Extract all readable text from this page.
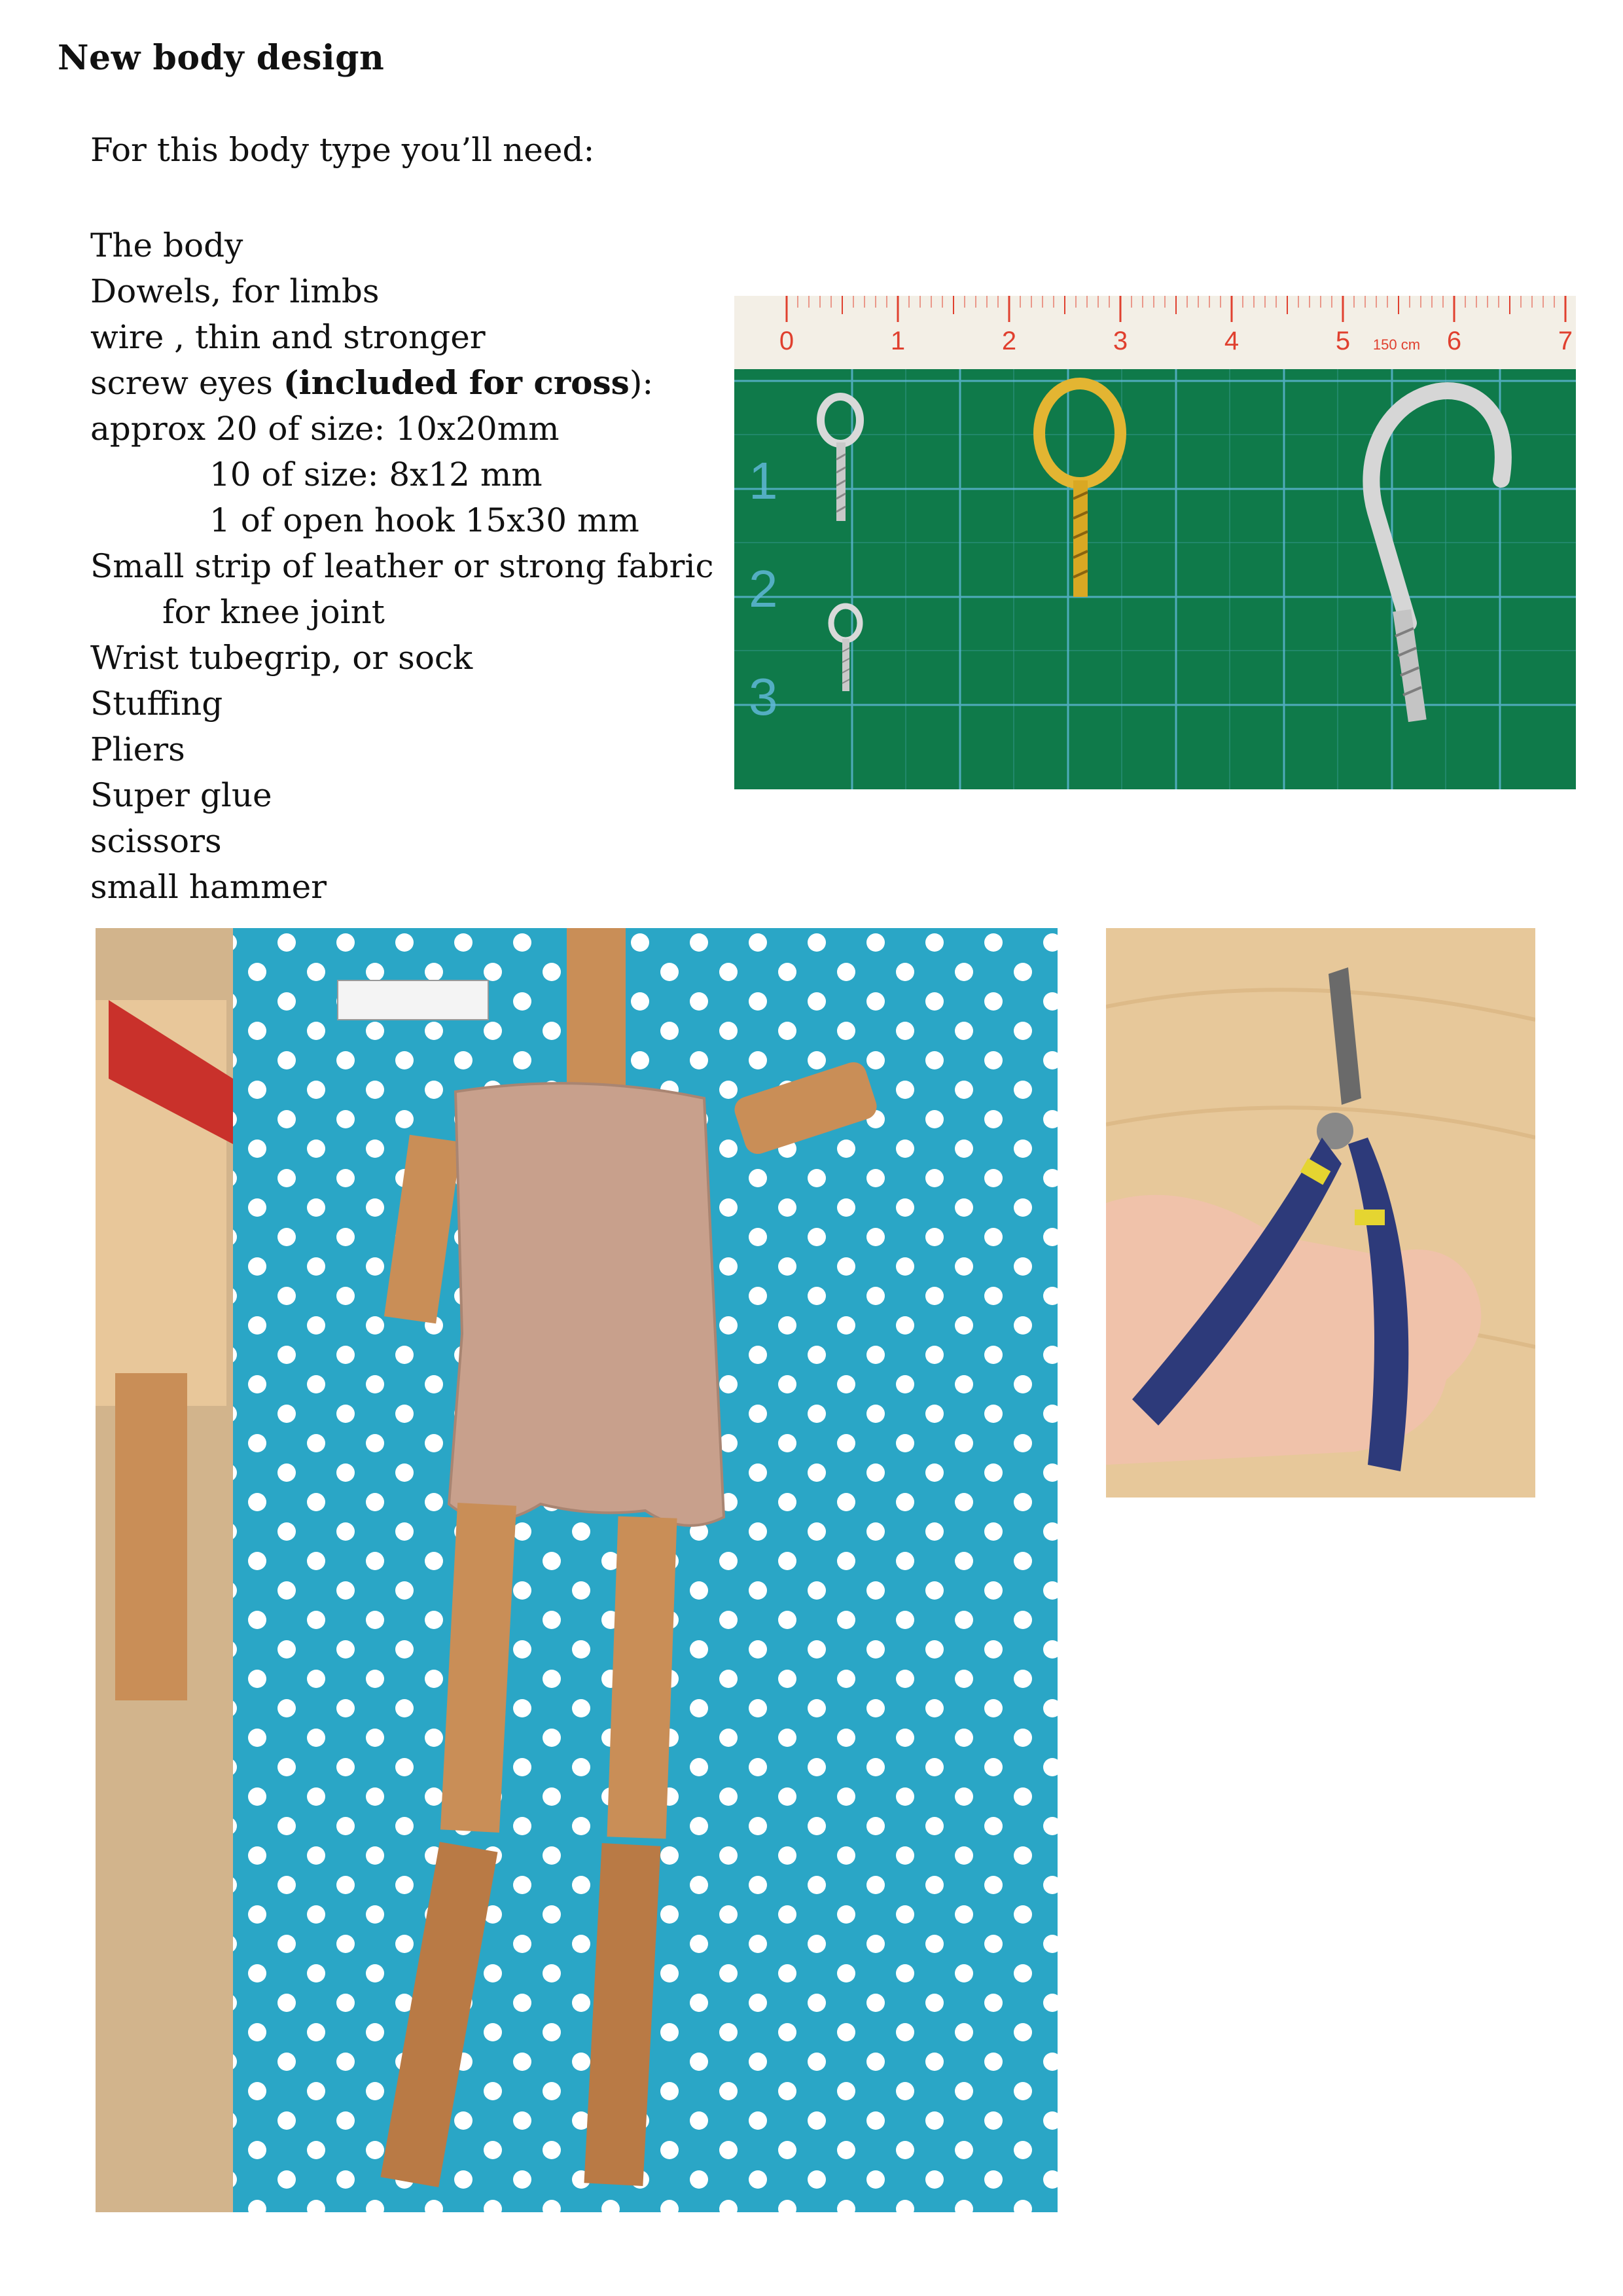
New body design
For this body type you’ll need:
The body
Dowels, for limbs
wire , thin and stronger
screw eyes (included for cross):
approx 20 of size: 10x20mm
10 of size: 8x12 mm
1 of open hook 15x30 mm
Small strip of leather or strong fabric
for knee joint
Wrist tubegrip, or sock
Stuffing
Pliers
Super glue
scissors
small hammer
0	1	2	3	4	5	6	7
150 cm
1
2
3
